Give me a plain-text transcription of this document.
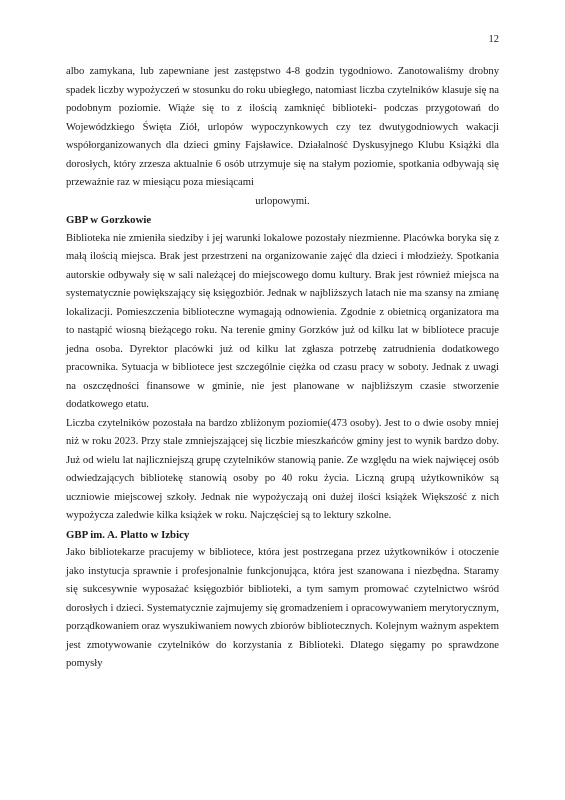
12

albo zamykana, lub zapewniane jest zastępstwo 4-8 godzin tygodniowo. Zanotowaliśmy drobny spadek liczby wypożyczeń w stosunku do roku ubiegłego, natomiast liczba czytelników klasuje się na podobnym poziomie. Wiąże się to z ilością zamknięć biblioteki- podczas przygotowań do Wojewódzkiego Święta Ziół, urlopów wypoczynkowych czy tez dwutygodniowych wakacji współorganizowanych dla dzieci gminy Fajsławice. Działalność Dyskusyjnego Klubu Książki dla dorosłych, który zrzesza aktualnie 6 osób utrzymuje się na stałym poziomie, spotkania odbywają się przeważnie raz w miesiącu poza miesiącami

urlopowymi.

GBP w Gorzkowie

Biblioteka nie zmieniła siedziby i jej warunki lokalowe pozostały niezmienne. Placówka boryka się z małą ilością miejsca. Brak jest przestrzeni na organizowanie zajęć dla dzieci i młodzieży. Spotkania autorskie odbywały się w sali należącej do miejscowego domu kultury. Brak jest również miejsca na systematycznie powiększający się księgozbiór. Jednak w najbliższych latach nie ma szansy na zmianę lokalizacji. Pomieszczenia biblioteczne wymagają odnowienia. Zgodnie z obietnicą organizatora ma to nastąpić wiosną bieżącego roku. Na terenie gminy Gorzków już od kilku lat w bibliotece pracuje jedna osoba. Dyrektor placówki już od kilku lat zgłasza potrzebę zatrudnienia dodatkowego pracownika. Sytuacja w bibliotece jest szczególnie ciężka od czasu pracy w soboty. Jednak z uwagi na oszczędności finansowe w gminie, nie jest planowane w najbliższym czasie stworzenie dodatkowego etatu.

Liczba czytelników pozostała na bardzo zbliżonym poziomie(473 osoby). Jest to o dwie osoby mniej niż w roku 2023. Przy stale zmniejszającej się liczbie mieszkańców gminy jest to wynik bardzo doby. Już od wielu lat najliczniejszą grupę czytelników stanowią panie. Ze względu na wiek najwięcej osób odwiedzających bibliotekę stanowią osoby po 40 roku życia. Liczną grupą użytkowników są uczniowie miejscowej szkoły. Jednak nie wypożyczają oni dużej ilości książek Większość z nich wypożycza zaledwie kilka książek w roku. Najczęściej są to lektury szkolne.

GBP im. A. Platto w Izbicy

Jako bibliotekarze pracujemy w bibliotece, która jest postrzegana przez użytkowników i otoczenie jako instytucja sprawnie i profesjonalnie funkcjonująca, która jest szanowana i niezbędna. Staramy się sukcesywnie wyposażać księgozbiór biblioteki, a tym samym promować czytelnictwo wśród dorosłych i dzieci. Systematycznie zajmujemy się gromadzeniem i opracowywaniem merytorycznym, porządkowaniem oraz wyszukiwaniem nowych zbiorów bibliotecznych. Kolejnym ważnym aspektem jest zmotywowanie czytelników do korzystania z Biblioteki. Dlatego sięgamy po sprawdzone pomysły
